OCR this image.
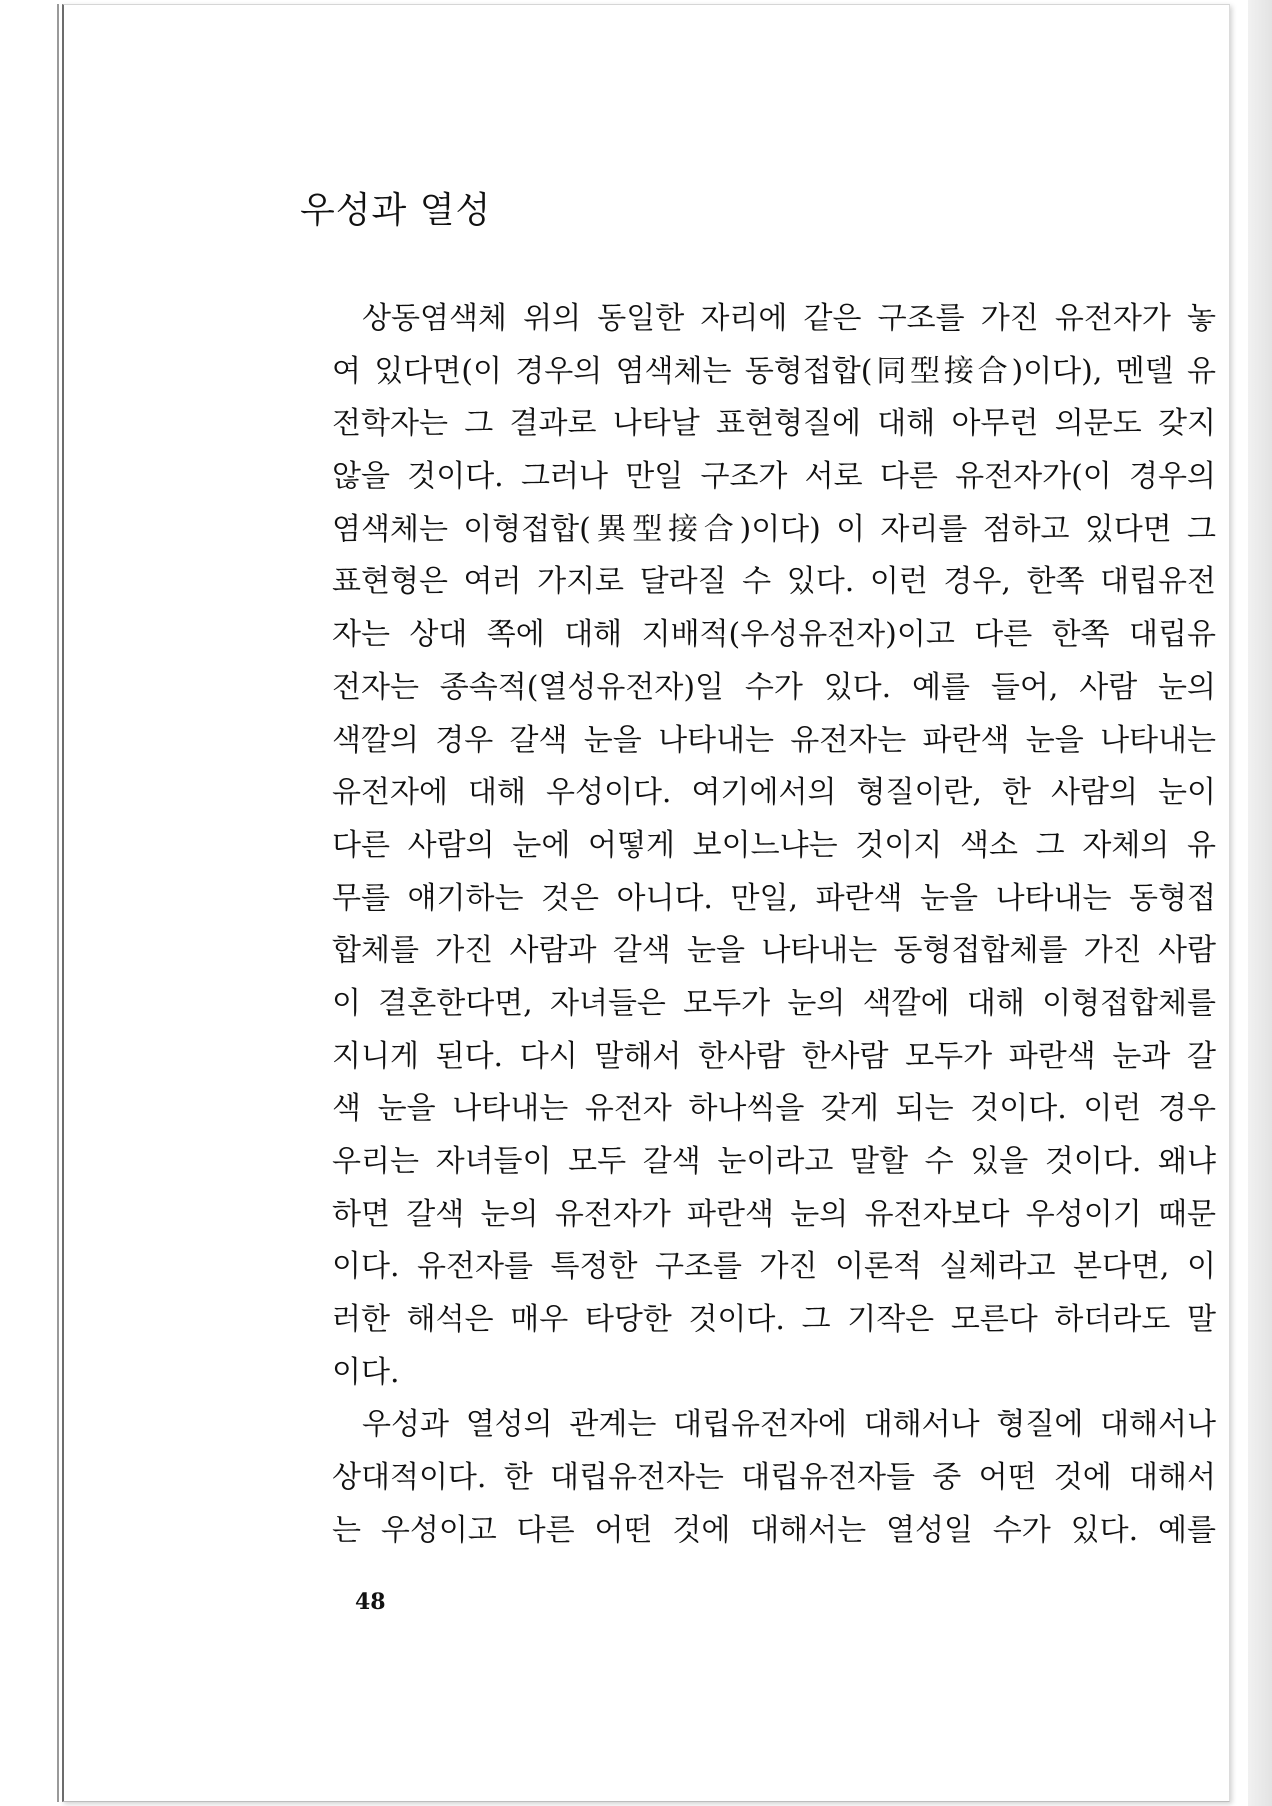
우성과 열성
상동염색체 위의 동일한 자리에 같은 구조를 가진 유전자가 놓
여 있다면(이 경우의 염색체는 동형접합(同型接合)이다), 멘델 유
전학자는 그 결과로 나타날 표현형질에 대해 아무런 의문도 갖지
않을 것이다. 그러나 만일 구조가 서로 다른 유전자가(이 경우의
염색체는 이형접합(異型接合)이다) 이 자리를 점하고 있다면 그
표현형은 여러 가지로 달라질 수 있다. 이런 경우, 한쪽 대립유전
자는 상대 쪽에 대해 지배적(우성유전자)이고 다른 한쪽 대립유
전자는 종속적(열성유전자)일 수가 있다. 예를 들어, 사람 눈의
색깔의 경우 갈색 눈을 나타내는 유전자는 파란색 눈을 나타내는
유전자에 대해 우성이다. 여기에서의 형질이란, 한 사람의 눈이
다른 사람의 눈에 어떻게 보이느냐는 것이지 색소 그 자체의 유
무를 얘기하는 것은 아니다. 만일, 파란색 눈을 나타내는 동형접
합체를 가진 사람과 갈색 눈을 나타내는 동형접합체를 가진 사람
이 결혼한다면, 자녀들은 모두가 눈의 색깔에 대해 이형접합체를
지니게 된다. 다시 말해서 한사람 한사람 모두가 파란색 눈과 갈
색 눈을 나타내는 유전자 하나씩을 갖게 되는 것이다. 이런 경우
우리는 자녀들이 모두 갈색 눈이라고 말할 수 있을 것이다. 왜냐
하면 갈색 눈의 유전자가 파란색 눈의 유전자보다 우성이기 때문
이다. 유전자를 특정한 구조를 가진 이론적 실체라고 본다면, 이
러한 해석은 매우 타당한 것이다. 그 기작은 모른다 하더라도 말
이다.
우성과 열성의 관계는 대립유전자에 대해서나 형질에 대해서나
상대적이다. 한 대립유전자는 대립유전자들 중 어떤 것에 대해서
는 우성이고 다른 어떤 것에 대해서는 열성일 수가 있다. 예를
48
